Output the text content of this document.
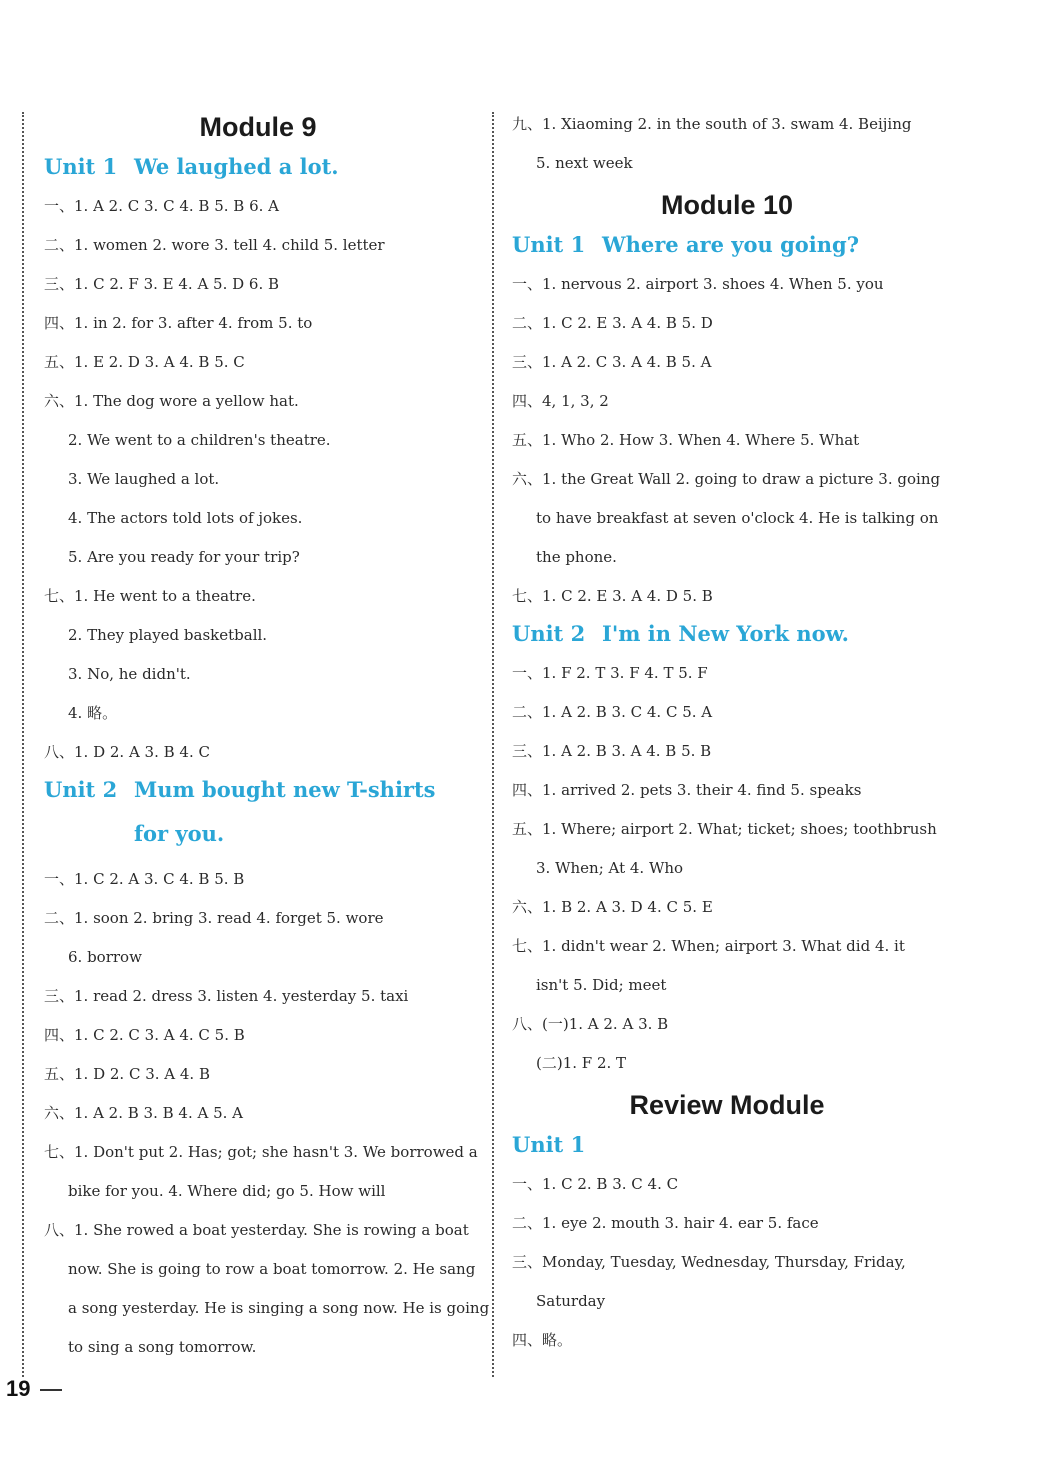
Module 9
Unit 1 We laughed a lot.
一、1. A 2. C 3. C 4. B 5. B 6. A
二、1. women 2. wore 3. tell 4. child 5. letter
三、1. C 2. F 3. E 4. A 5. D 6. B
四、1. in 2. for 3. after 4. from 5. to
五、1. E 2. D 3. A 4. B 5. C
六、1. The dog wore a yellow hat.
2. We went to a children's theatre.
3. We laughed a lot.
4. The actors told lots of jokes.
5. Are you ready for your trip?
七、1. He went to a theatre.
2. They played basketball.
3. No, he didn't.
4. 略。
八、1. D 2. A 3. B 4. C
Unit 2 Mum bought new T-shirts for you.
一、1. C 2. A 3. C 4. B 5. B
二、1. soon 2. bring 3. read 4. forget 5. wore
6. borrow
三、1. read 2. dress 3. listen 4. yesterday 5. taxi
四、1. C 2. C 3. A 4. C 5. B
五、1. D 2. C 3. A 4. B
六、1. A 2. B 3. B 4. A 5. A
七、1. Don't put 2. Has; got; she hasn't 3. We borrowed a
bike for you. 4. Where did; go 5. How will
八、1. She rowed a boat yesterday. She is rowing a boat
now. She is going to row a boat tomorrow. 2. He sang
a song yesterday. He is singing a song now. He is going
to sing a song tomorrow.
九、1. Xiaoming 2. in the south of 3. swam 4. Beijing
5. next week
Module 10
Unit 1 Where are you going?
一、1. nervous 2. airport 3. shoes 4. When 5. you
二、1. C 2. E 3. A 4. B 5. D
三、1. A 2. C 3. A 4. B 5. A
四、4, 1, 3, 2
五、1. Who 2. How 3. When 4. Where 5. What
六、1. the Great Wall 2. going to draw a picture 3. going
to have breakfast at seven o'clock 4. He is talking on
the phone.
七、1. C 2. E 3. A 4. D 5. B
Unit 2 I'm in New York now.
一、1. F 2. T 3. F 4. T 5. F
二、1. A 2. B 3. C 4. C 5. A
三、1. A 2. B 3. A 4. B 5. B
四、1. arrived 2. pets 3. their 4. find 5. speaks
五、1. Where; airport 2. What; ticket; shoes; toothbrush
3. When; At 4. Who
六、1. B 2. A 3. D 4. C 5. E
七、1. didn't wear 2. When; airport 3. What did 4. it
isn't 5. Did; meet
八、(一)1. A 2. A 3. B
(二)1. F 2. T
Review Module
Unit 1
一、1. C 2. B 3. C 4. C
二、1. eye 2. mouth 3. hair 4. ear 5. face
三、Monday, Tuesday, Wednesday, Thursday, Friday,
Saturday
四、略。
19
